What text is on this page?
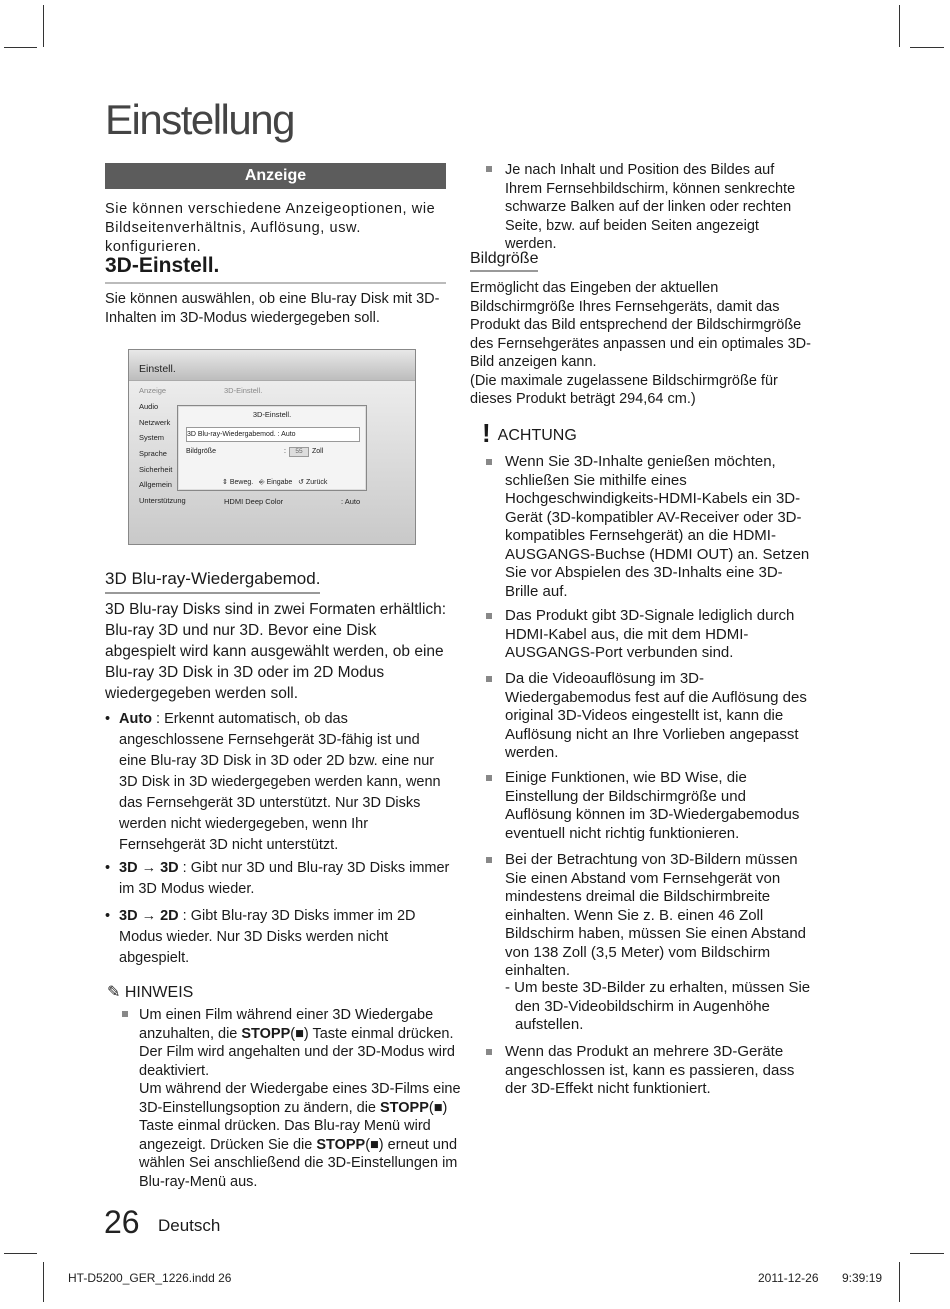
Einstellung
Anzeige
Sie können verschiedene Anzeigeoptionen, wie Bildseitenverhältnis, Auflösung, usw. konfigurieren.
3D-Einstell.
Sie können auswählen, ob eine Blu-ray Disk mit 3D-Inhalten im 3D-Modus wiedergegeben soll.
Einstell.
Anzeige
Audio
Netzwerk
System
Sprache
Sicherheit
Allgemein
Unterstützung
3D-Einstell.
3D-Einstell.
3D Blu-ray-Wiedergabemod. : Auto
Bildgröße	: 55 Zoll
⇕ Beweg. ⎆ Eingabe ↺ Zurück
HDMI Deep Color	: Auto
3D Blu-ray-Wiedergabemod.
3D Blu-ray Disks sind in zwei Formaten erhältlich: Blu-ray 3D und nur 3D. Bevor eine Disk abgespielt wird kann ausgewählt werden, ob eine Blu-ray 3D Disk in 3D oder im 2D Modus wiedergegeben werden soll.
• Auto : Erkennt automatisch, ob das angeschlossene Fernsehgerät 3D-fähig ist und eine Blu-ray 3D Disk in 3D oder 2D bzw. eine nur 3D Disk in 3D wiedergegeben werden kann, wenn das Fernsehgerät 3D unterstützt. Nur 3D Disks werden nicht wiedergegeben, wenn Ihr Fernsehgerät 3D nicht unterstützt.
• 3D → 3D : Gibt nur 3D und Blu-ray 3D Disks immer im 3D Modus wieder.
• 3D → 2D : Gibt Blu-ray 3D Disks immer im 2D Modus wieder. Nur 3D Disks werden nicht abgespielt.
✎ HINWEIS
Um einen Film während einer 3D Wiedergabe anzuhalten, die STOPP(■) Taste einmal drücken. Der Film wird angehalten und der 3D-Modus wird deaktiviert.
Um während der Wiedergabe eines 3D-Films eine 3D-Einstellungsoption zu ändern, die STOPP(■) Taste einmal drücken. Das Blu-ray Menü wird angezeigt. Drücken Sie die STOPP(■) erneut und wählen Sei anschließend die 3D-Einstellungen im Blu-ray-Menü aus.
26 Deutsch
Je nach Inhalt und Position des Bildes auf Ihrem Fernsehbildschirm, können senkrechte schwarze Balken auf der linken oder rechten Seite, bzw. auf beiden Seiten angezeigt werden.
Bildgröße
Ermöglicht das Eingeben der aktuellen Bildschirmgröße Ihres Fernsehgeräts, damit das Produkt das Bild entsprechend der Bildschirmgröße des Fernsehgerätes anpassen und ein optimales 3D-Bild anzeigen kann.
(Die maximale zugelassene Bildschirmgröße für dieses Produkt beträgt 294,64 cm.)
! ACHTUNG
Wenn Sie 3D-Inhalte genießen möchten, schließen Sie mithilfe eines Hochgeschwindigkeits-HDMI-Kabels ein 3D-Gerät (3D-kompatibler AV-Receiver oder 3D-kompatibles Fernsehgerät) an die HDMI-AUSGANGS-Buchse (HDMI OUT) an. Setzen Sie vor Abspielen des 3D-Inhalts eine 3D-Brille auf.
Das Produkt gibt 3D-Signale lediglich durch HDMI-Kabel aus, die mit dem HDMI-AUSGANGS-Port verbunden sind.
Da die Videoauflösung im 3D-Wiedergabemodus fest auf die Auflösung des original 3D-Videos eingestellt ist, kann die Auflösung nicht an Ihre Vorlieben angepasst werden.
Einige Funktionen, wie BD Wise, die Einstellung der Bildschirmgröße und Auflösung können im 3D-Wiedergabemodus eventuell nicht richtig funktionieren.
Bei der Betrachtung von 3D-Bildern müssen Sie einen Abstand vom Fernsehgerät von mindestens dreimal die Bildschirmbreite einhalten. Wenn Sie z. B. einen 46 Zoll Bildschirm haben, müssen Sie einen Abstand von 138 Zoll (3,5 Meter) vom Bildschirm einhalten.
- Um beste 3D-Bilder zu erhalten, müssen Sie den 3D-Videobildschirm in Augenhöhe aufstellen.
Wenn das Produkt an mehrere 3D-Geräte angeschlossen ist, kann es passieren, dass der 3D-Effekt nicht funktioniert.
HT-D5200_GER_1226.indd 26	2011-12-26 9:39:19
